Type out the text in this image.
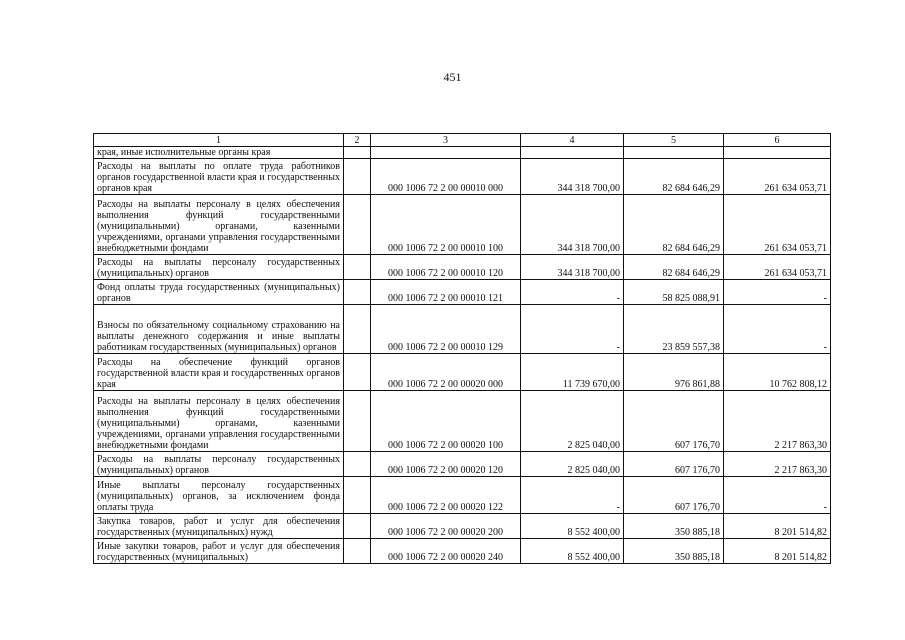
451
1	2	3	4	5	6
края, иные исполнительные органы края					
Расходы на выплаты по оплате труда работников органов государственной власти края и государственных органов края		000 1006 72 2 00 00010 000	344 318 700,00	82 684 646,29	261 634 053,71
Расходы на выплаты персоналу в целях обеспечения выполнения функций государственными (муниципальными) органами, казенными учреждениями, органами управления государственными внебюджетными фондами		000 1006 72 2 00 00010 100	344 318 700,00	82 684 646,29	261 634 053,71
Расходы на выплаты персоналу государственных (муниципальных) органов		000 1006 72 2 00 00010 120	344 318 700,00	82 684 646,29	261 634 053,71
Фонд оплаты труда государственных (муниципальных) органов		000 1006 72 2 00 00010 121	-	58 825 088,91	-
Взносы по обязательному социальному страхованию на выплаты денежного содержания и иные выплаты работникам государственных (муниципальных) органов		000 1006 72 2 00 00010 129	-	23 859 557,38	-
Расходы на обеспечение функций органов государственной власти края и государственных органов края		000 1006 72 2 00 00020 000	11 739 670,00	976 861,88	10 762 808,12
Расходы на выплаты персоналу в целях обеспечения выполнения функций государственными (муниципальными) органами, казенными учреждениями, органами управления государственными внебюджетными фондами		000 1006 72 2 00 00020 100	2 825 040,00	607 176,70	2 217 863,30
Расходы на выплаты персоналу государственных (муниципальных) органов		000 1006 72 2 00 00020 120	2 825 040,00	607 176,70	2 217 863,30
Иные выплаты персоналу государственных (муниципальных) органов, за исключением фонда оплаты труда		000 1006 72 2 00 00020 122	-	607 176,70	-
Закупка товаров, работ и услуг для обеспечения государственных (муниципальных) нужд		000 1006 72 2 00 00020 200	8 552 400,00	350 885,18	8 201 514,82
Иные закупки товаров, работ и услуг для обеспечения государственных (муниципальных)		000 1006 72 2 00 00020 240	8 552 400,00	350 885,18	8 201 514,82
